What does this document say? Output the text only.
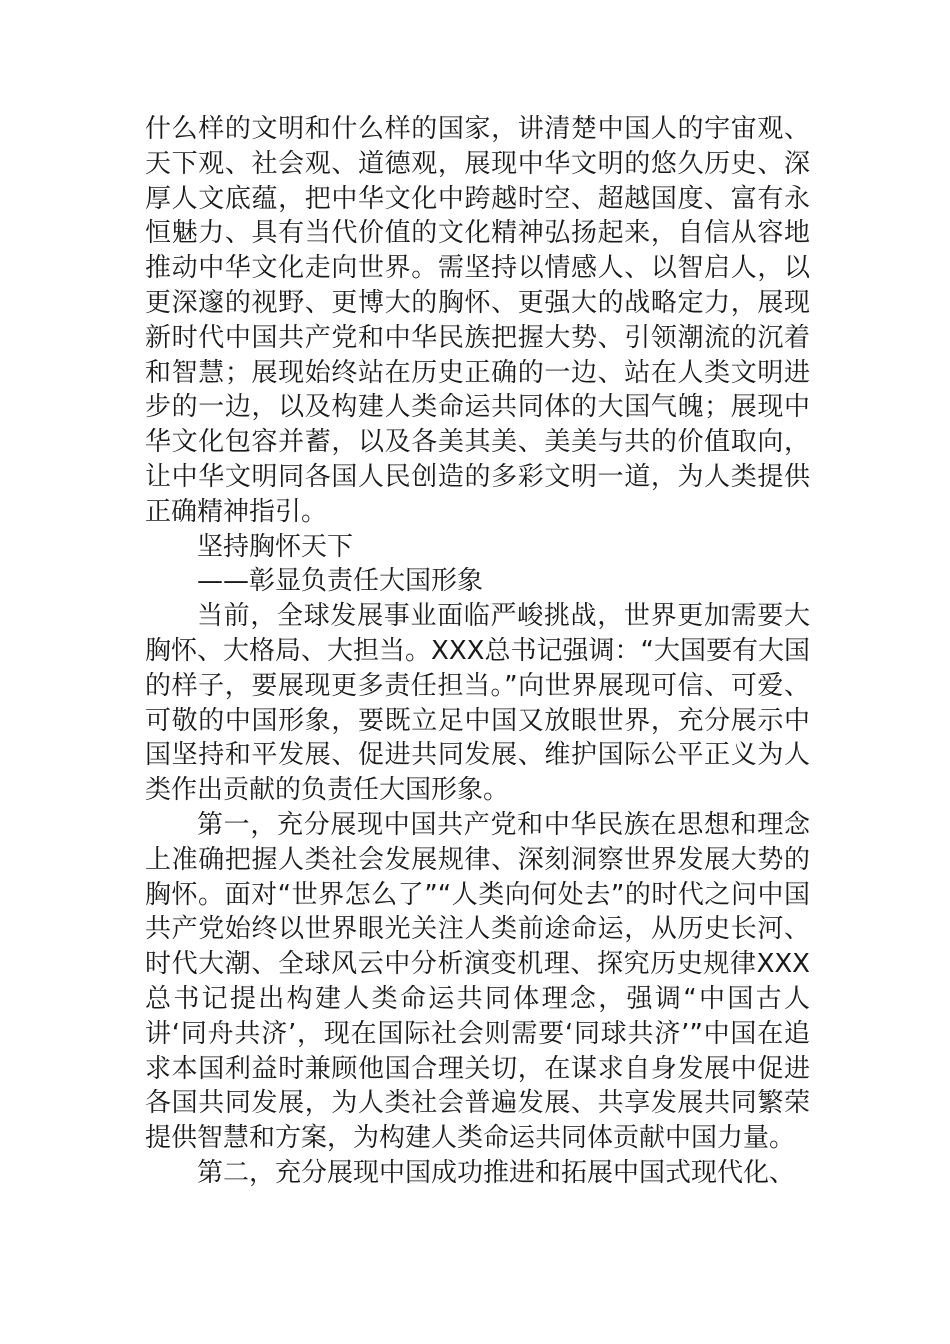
什么样的文明和什么样的国家，讲清楚中国人的宇宙观、天下观、社会观、道德观，展现中华文明的悠久历史、深厚人文底蕴，把中华文化中跨越时空、超越国度、富有永恒魅力、具有当代价值的文化精神弘扬起来，自信从容地推动中华文化走向世界。需坚持以情感人、以智启人，以更深邃的视野、更博大的胸怀、更强大的战略定力，展现新时代中国共产党和中华民族把握大势、引领潮流的沉着和智慧；展现始终站在历史正确的一边、站在人类文明进步的一边，以及构建人类命运共同体的大国气魄；展现中华文化包容并蓄，以及各美其美、美美与共的价值取向，让中华文明同各国人民创造的多彩文明一道，为人类提供正确精神指引。

坚持胸怀天下

——彰显负责任大国形象

当前，全球发展事业面临严峻挑战，世界更加需要大胸怀、大格局、大担当。XXX总书记强调：“大国要有大国的样子，要展现更多责任担当。”向世界展现可信、可爱、可敬的中国形象，要既立足中国又放眼世界，充分展示中国坚持和平发展、促进共同发展、维护国际公平正义为人类作出贡献的负责任大国形象。

第一，充分展现中国共产党和中华民族在思想和理念上准确把握人类社会发展规律、深刻洞察世界发展大势的胸怀。面对“世界怎么了”“人类向何处去”的时代之问中国共产党始终以世界眼光关注人类前途命运，从历史长河、时代大潮、全球风云中分析演变机理、探究历史规律XXX总书记提出构建人类命运共同体理念，强调“中国古人讲‘同舟共济’，现在国际社会则需要‘同球共济’”中国在追求本国利益时兼顾他国合理关切，在谋求自身发展中促进各国共同发展，为人类社会普遍发展、共享发展共同繁荣提供智慧和方案，为构建人类命运共同体贡献中国力量。

第二，充分展现中国成功推进和拓展中国式现代化、
